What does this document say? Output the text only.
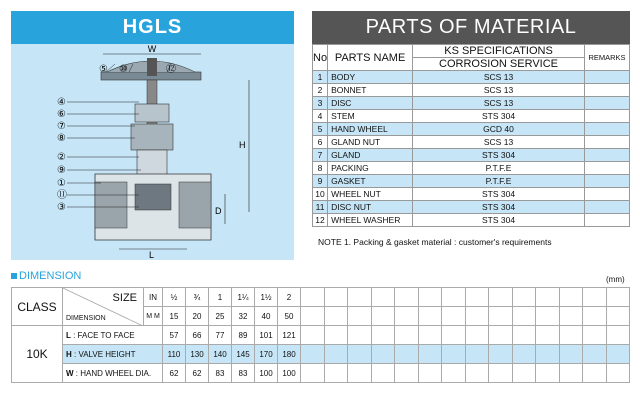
HGLS
W
H
D
L
⑤ ⑩	⑫
④
⑥
⑦
⑧
②
⑨
①
⑪
③
PARTS OF MATERIAL
No	PARTS NAME	KS SPECIFICATIONS	REMARKS
		CORROSION SERVICE	
1	BODY	SCS 13	
2	BONNET	SCS 13	
3	DISC	SCS 13	
4	STEM	STS 304	
5	HAND WHEEL	GCD 40	
6	GLAND NUT	SCS 13	
7	GLAND	STS 304	
8	PACKING	P.T.F.E	
9	GASKET	P.T.F.E	
10	WHEEL NUT	STS 304	
11	DISC NUT	STS 304	
12	WHEEL WASHER	STS 304	
NOTE 1. Packing & gasket material : customer's requirements
DIMENSION	(mm)
CLASS	SIZE
DIMENSION	IN	½	¾	1	1¼	1½	2														
		M M	15	20	25	32	40	50														
10K	L : FACE TO FACE		57	66	77	89	101	121														
	H : VALVE HEIGHT		110	130	140	145	170	180														
	W : HAND WHEEL DIA.		62	62	83	83	100	100														
